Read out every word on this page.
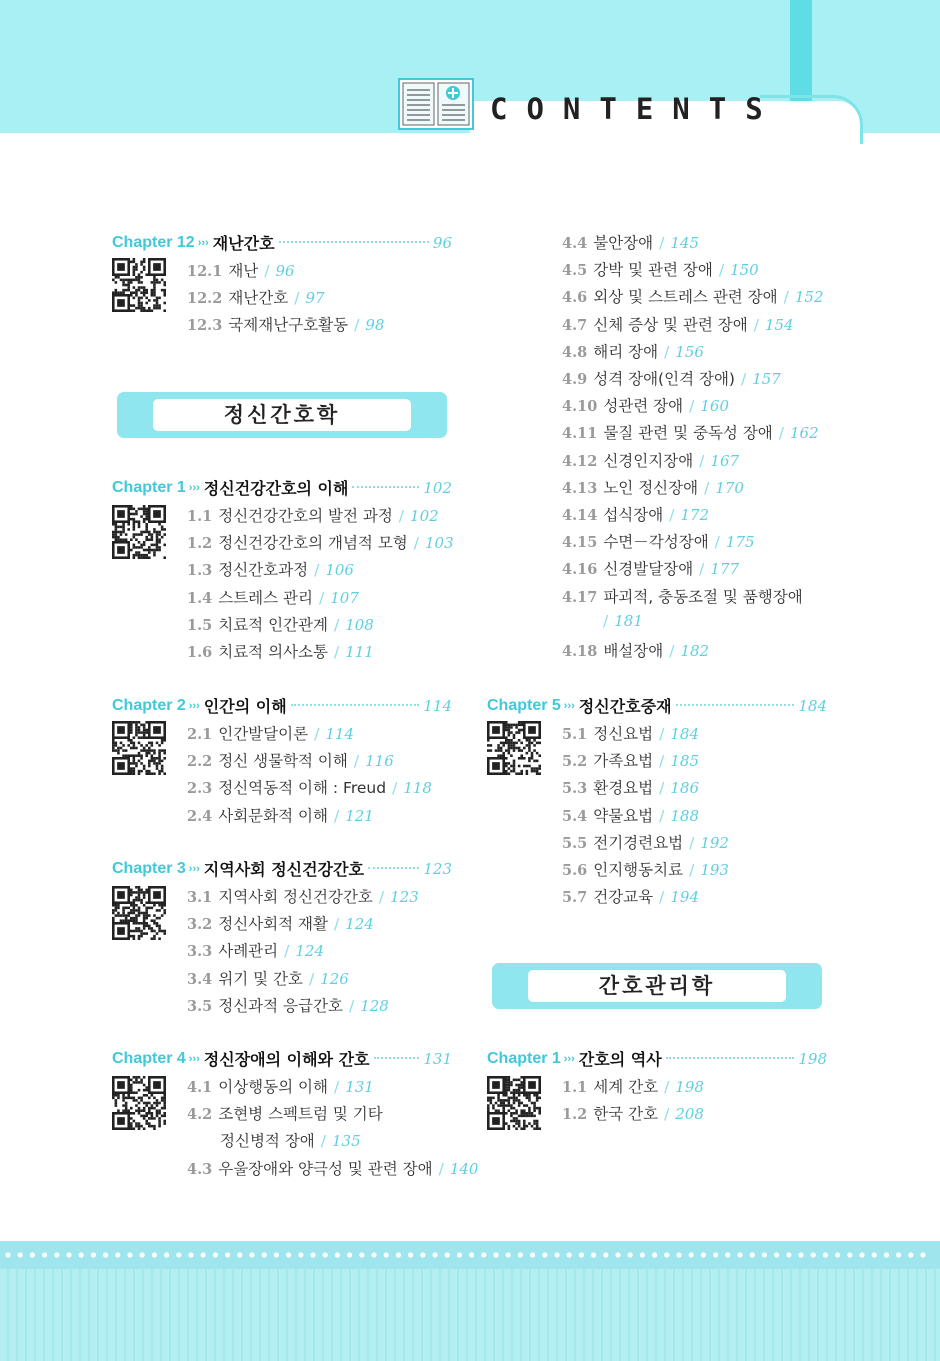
CONTENTS
정신간호학
간호관리학
Chapter 12 ››› 재난간호	96
12.1 재난 / 96
12.2 재난간호 / 97
12.3 국제재난구호활동 / 98
Chapter 1 ››› 정신건강간호의 이해	102
1.1 정신건강간호의 발전 과정 / 102
1.2 정신건강간호의 개념적 모형 / 103
1.3 정신간호과정 / 106
1.4 스트레스 관리 / 107
1.5 치료적 인간관계 / 108
1.6 치료적 의사소통 / 111
Chapter 2 ››› 인간의 이해	114
2.1 인간발달이론 / 114
2.2 정신 생물학적 이해 / 116
2.3 정신역동적 이해 : Freud / 118
2.4 사회문화적 이해 / 121
Chapter 3 ››› 지역사회 정신건강간호	123
3.1 지역사회 정신건강간호 / 123
3.2 정신사회적 재활 / 124
3.3 사례관리 / 124
3.4 위기 및 간호 / 126
3.5 정신과적 응급간호 / 128
Chapter 4 ››› 정신장애의 이해와 간호	131
4.1 이상행동의 이해 / 131
4.2 조현병 스펙트럼 및 기타
정신병적 장애 / 135
4.3 우울장애와 양극성 및 관련 장애 / 140
4.4 불안장애 / 145
4.5 강박 및 관련 장애 / 150
4.6 외상 및 스트레스 관련 장애 / 152
4.7 신체 증상 및 관련 장애 / 154
4.8 해리 장애 / 156
4.9 성격 장애(인격 장애) / 157
4.10 성관련 장애 / 160
4.11 물질 관련 및 중독성 장애 / 162
4.12 신경인지장애 / 167
4.13 노인 정신장애 / 170
4.14 섭식장애 / 172
4.15 수면－각성장애 / 175
4.16 신경발달장애 / 177
4.17 파괴적, 충동조절 및 품행장애
/ 181
4.18 배설장애 / 182
Chapter 5 ››› 정신간호중재	184
5.1 정신요법 / 184
5.2 가족요법 / 185
5.3 환경요법 / 186
5.4 약물요법 / 188
5.5 전기경련요법 / 192
5.6 인지행동치료 / 193
5.7 건강교육 / 194
Chapter 1 ››› 간호의 역사	198
1.1 세계 간호 / 198
1.2 한국 간호 / 208
